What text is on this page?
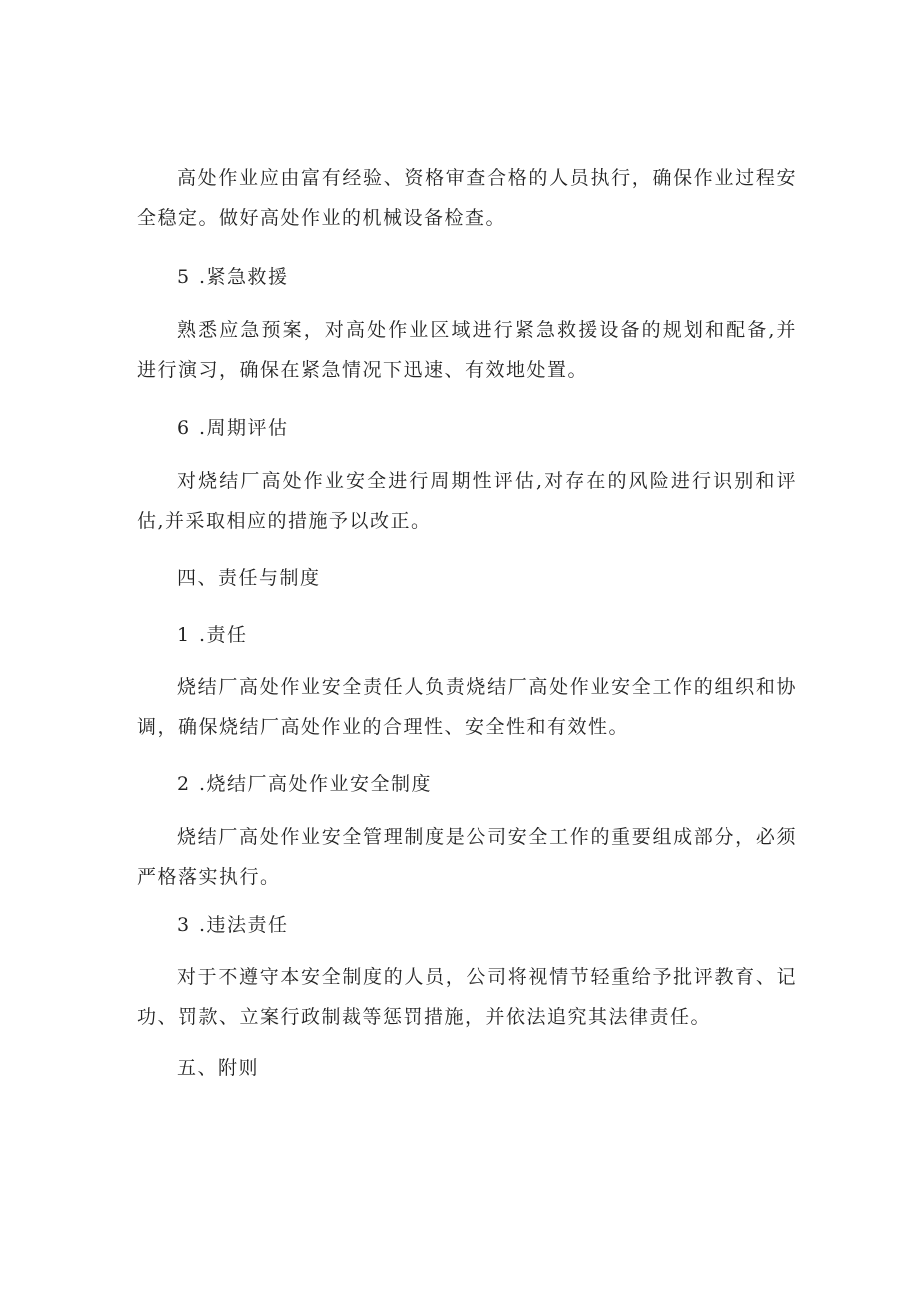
高处作业应由富有经验、资格审查合格的人员执行，确保作业过程安全稳定。做好高处作业的机械设备检查。

5 .紧急救援

熟悉应急预案，对高处作业区域进行紧急救援设备的规划和配备,并进行演习，确保在紧急情况下迅速、有效地处置。

6 .周期评估

对烧结厂高处作业安全进行周期性评估,对存在的风险进行识别和评估,并采取相应的措施予以改正。

四、责任与制度
1 .责任

烧结厂高处作业安全责任人负责烧结厂高处作业安全工作的组织和协调，确保烧结厂高处作业的合理性、安全性和有效性。

2 .烧结厂高处作业安全制度

烧结厂高处作业安全管理制度是公司安全工作的重要组成部分，必须严格落实执行。

3 .违法责任

对于不遵守本安全制度的人员，公司将视情节轻重给予批评教育、记功、罚款、立案行政制裁等惩罚措施，并依法追究其法律责任。

五、附则
